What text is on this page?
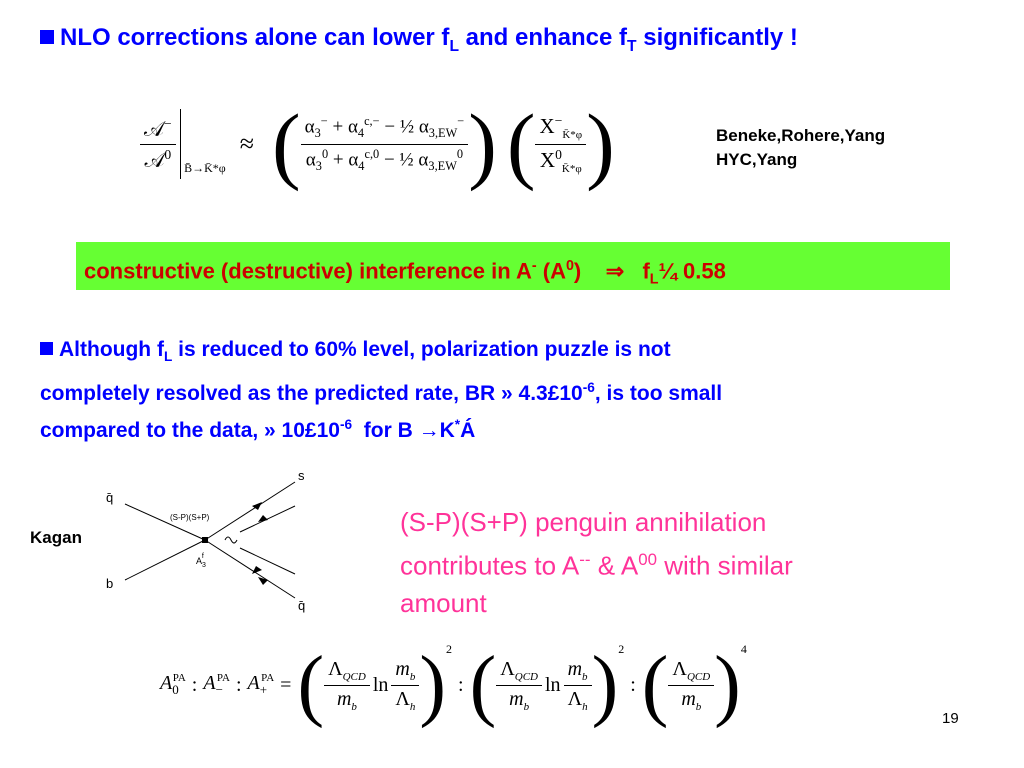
NLO corrections alone can lower $f_L$ and enhance $f_T$ significantly !
$\frac{𝒜^-}{𝒜^0}$ B̄→K̄*φ
≈ ( $\frac{\alpha_3^- + \alpha_4^{c,-} - \frac{1}{2} \alpha_{3,EW}^-}{\alpha_3^0 + \alpha_4^{c,0} - \frac{1}{2} \alpha_{3,EW}^0}$ ) ( $\frac{X^-_{K̄*\varphi}}{X^0_{K̄*\varphi}}$ )	Beneke,Rohere,Yang
HYC,Yang
constructive (destructive) interference in A- $(A^0)$    ⇒   $f_L\frac{1}{4}$ 0.58
Although $f_L$ is reduced to 60% level, polarization puzzle is not
completely resolved as the predicted rate, BR » $4.3£10^{-6}$, is too small
compared to the data, » $10£10^{-6}$  for B →K*Á
Kagan
s
q̄
(S-P)(S+P)
$A_3f$
b
q̄
(S-P)(S+P) penguin annihilation
contributes to A-- & $A^{00}$ with similar
amount
$A_0^{PA}$ : $A_-^{PA}$ : $A_+^{PA}$ = ( $\frac{\Lambda_{QCD}}{m_b}$ $\ln \frac{m_b}{\Lambda_h} )^2$
: ( $\frac{\Lambda_{QCD}}{m_b}$ $\ln \frac{m_b}{\Lambda_h} )^2$
: ( $\frac{\Lambda_{QCD}}{m_b} )^4$
19
